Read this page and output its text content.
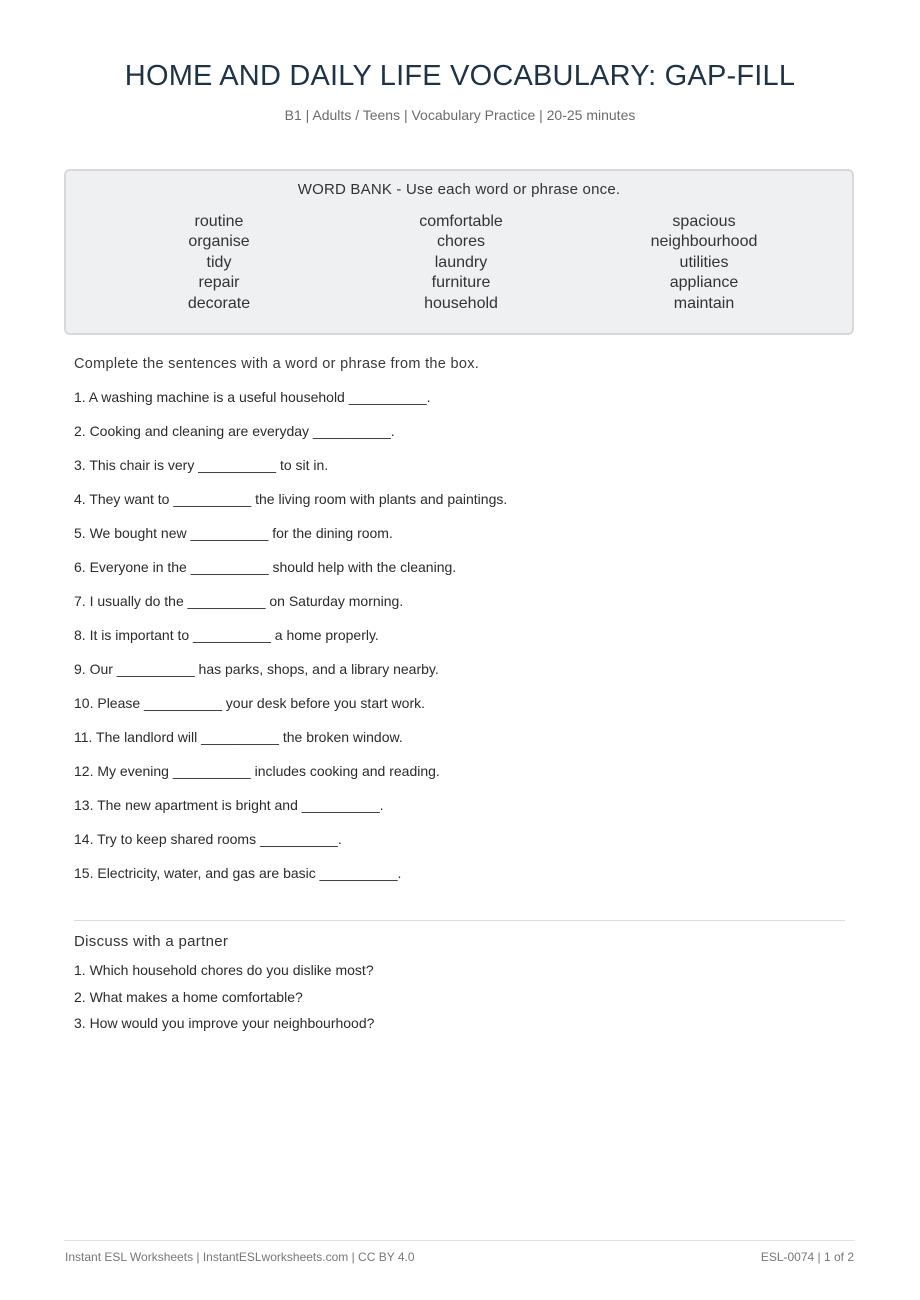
HOME AND DAILY LIFE VOCABULARY: GAP-FILL
B1 | Adults / Teens | Vocabulary Practice | 20-25 minutes
WORD BANK - Use each word or phrase once.
routine
organise
tidy
repair
decorate
comfortable
chores
laundry
furniture
household
spacious
neighbourhood
utilities
appliance
maintain
Complete the sentences with a word or phrase from the box.
1. A washing machine is a useful household __________.
2. Cooking and cleaning are everyday __________.
3. This chair is very __________ to sit in.
4. They want to __________ the living room with plants and paintings.
5. We bought new __________ for the dining room.
6. Everyone in the __________ should help with the cleaning.
7. I usually do the __________ on Saturday morning.
8. It is important to __________ a home properly.
9. Our __________ has parks, shops, and a library nearby.
10. Please __________ your desk before you start work.
11. The landlord will __________ the broken window.
12. My evening __________ includes cooking and reading.
13. The new apartment is bright and __________.
14. Try to keep shared rooms __________.
15. Electricity, water, and gas are basic __________.
Discuss with a partner
1. Which household chores do you dislike most?
2. What makes a home comfortable?
3. How would you improve your neighbourhood?
Instant ESL Worksheets | InstantESLworksheets.com | CC BY 4.0	ESL-0074 | 1 of 2
